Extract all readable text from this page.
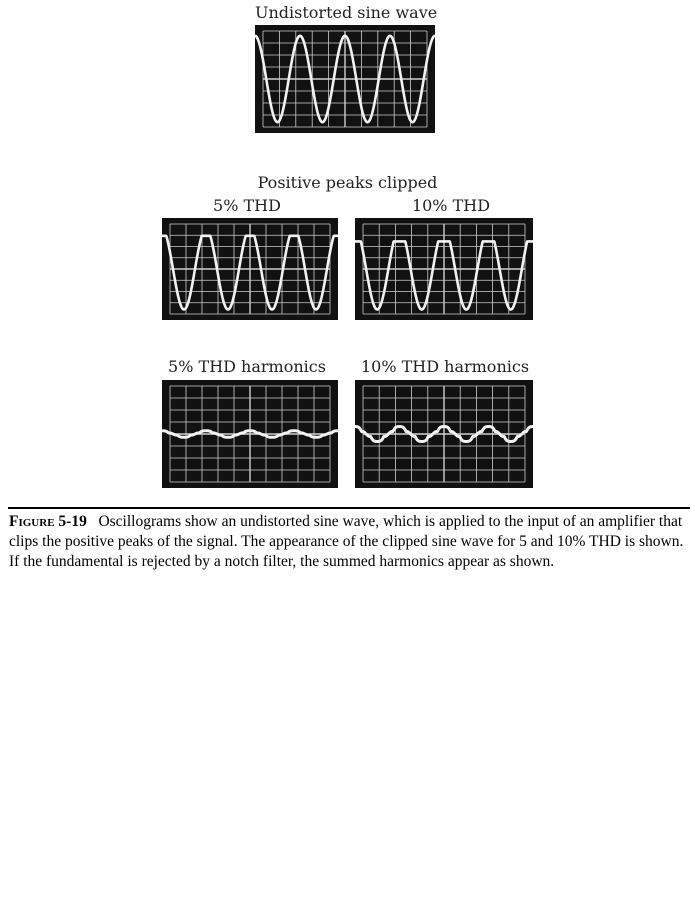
Undistorted sine wave
Positive peaks clipped
5% THD	10% THD
5% THD harmonics	10% THD harmonics
Figure 5-19 Oscillograms show an undistorted sine wave, which is applied to the input of an amplifier that clips the positive peaks of the signal. The appearance of the clipped sine wave for 5 and 10% THD is shown. If the fundamental is rejected by a notch filter, the summed harmonics appear as shown.
